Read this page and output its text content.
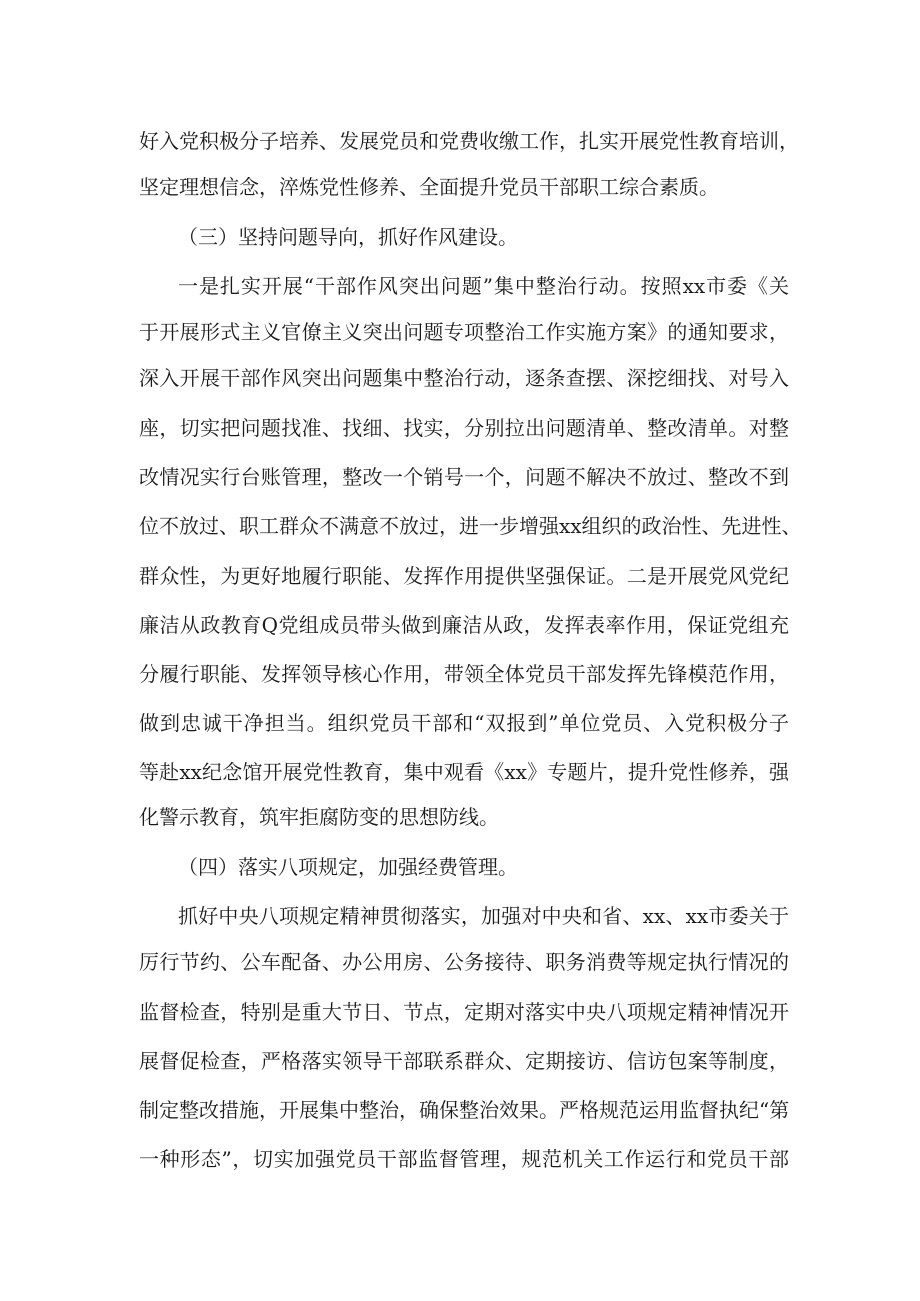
好入党积极分子培养、发展党员和党费收缴工作，扎实开展党性教育培训，
坚定理想信念，淬炼党性修养、全面提升党员干部职工综合素质。
（三）坚持问题导向，抓好作风建设。
一是扎实开展“干部作风突出问题”集中整治行动。按照xx市委《关
于开展形式主义官僚主义突出问题专项整治工作实施方案》的通知要求，
深入开展干部作风突出问题集中整治行动，逐条查摆、深挖细找、对号入
座，切实把问题找准、找细、找实，分别拉出问题清单、整改清单。对整
改情况实行台账管理，整改一个销号一个，问题不解决不放过、整改不到
位不放过、职工群众不满意不放过，进一步增强xx组织的政治性、先进性、
群众性，为更好地履行职能、发挥作用提供坚强保证。二是开展党风党纪
廉洁从政教育Q党组成员带头做到廉洁从政，发挥表率作用，保证党组充
分履行职能、发挥领导核心作用，带领全体党员干部发挥先锋模范作用，
做到忠诚干净担当。组织党员干部和“双报到”单位党员、入党积极分子
等赴xx纪念馆开展党性教育，集中观看《xx》专题片，提升党性修养，强
化警示教育，筑牢拒腐防变的思想防线。
（四）落实八项规定，加强经费管理。
抓好中央八项规定精神贯彻落实，加强对中央和省、xx、xx市委关于
厉行节约、公车配备、办公用房、公务接待、职务消费等规定执行情况的
监督检查，特别是重大节日、节点，定期对落实中央八项规定精神情况开
展督促检查，严格落实领导干部联系群众、定期接访、信访包案等制度，
制定整改措施，开展集中整治，确保整治效果。严格规范运用监督执纪“第
一种形态”，切实加强党员干部监督管理，规范机关工作运行和党员干部
